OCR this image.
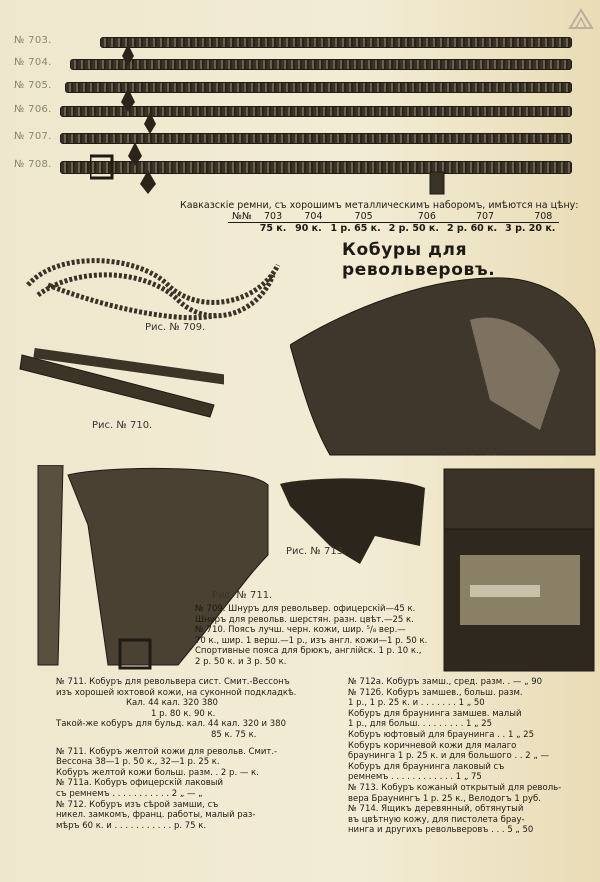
№ 703.
№ 704.
№ 705.
№ 706.
№ 707.
№ 708.
Кавказскіе ремни, съ хорошимъ металлическимъ наборомъ, имѣются на цѣну:
№№	703	704	705	706	707	708
	75 к.	90 к.	1 р. 65 к.	2 р. 50 к.	2 р. 60 к.	3 р. 20 к.
Кобуры для револьверовъ.
Рис. № 709.
Рис. № 710.
Рис. № 712.
Рис. № 711.
Рис. № 713.
№ 709. Шнуръ для револьвер. офицерскій—45 к.
Шнуръ для револьв. шерстян. разн. цвѣт.—25 к.
№ 710. Поясъ лучш. черн. кожи, шир. ⁵/₈ вер.—
70 к., шир. 1 верш.—1 р., изъ англ. кожи—1 р. 50 к.
Спортивные пояса для брюкъ, англійск. 1 р. 10 к.,
2 р. 50 к. и 3 р. 50 к.
№ 711. Кобуръ для револьвера сист. Смит.-Вессонъ
изъ хорошей юхтовой кожи, на суконной подкладкѣ.
Кал. 44 кал. 320 380
1 р. 80 к. 90 к.
Такой-же кобуръ для бульд. кал. 44 кал. 320 и 380
85 к. 75 к.
№ 711. Кобуръ желтой кожи для револьв. Смит.-
Вессона 38—1 р. 50 к., 32—1 р. 25 к.
Кобуръ желтой кожи больш. разм. . 2 р. — к.
№ 711а. Кобуръ офицерскій лаковый
съ ремнемъ . . . . . . . . . . . 2 „ — „
№ 712. Кобуръ изъ сѣрой замши, съ
никел. замкомъ, франц. работы, малый раз-
мѣръ 60 к. и . . . . . . . . . . . р. 75 к.
№ 712а. Кобуръ замш., сред. разм. . — „ 90
№ 712б. Кобуръ замшев., больш. разм.
1 р., 1 р. 25 к. и . . . . . . . 1 „ 50
Кобуръ для браунинга замшев. малый
1 р., для больш. . . . . . . . . 1 „ 25
Кобуръ юфтовый для браунинга . . 1 „ 25
Кобуръ коричневой кожи для малаго
браунинга 1 р. 25 к. и для большого . . 2 „ —
Кобуръ для браунинга лаковый съ
ремнемъ . . . . . . . . . . . . 1 „ 75
№ 713. Кобуръ кожаный открытый для револь-
вера Браунингъ 1 р. 25 к., Велодогъ 1 руб.
№ 714. Ящикъ деревянный, обтянутый
въ цвѣтную кожу, для пистолета брау-
нинга и другихъ револьверовъ . . . 5 „ 50
